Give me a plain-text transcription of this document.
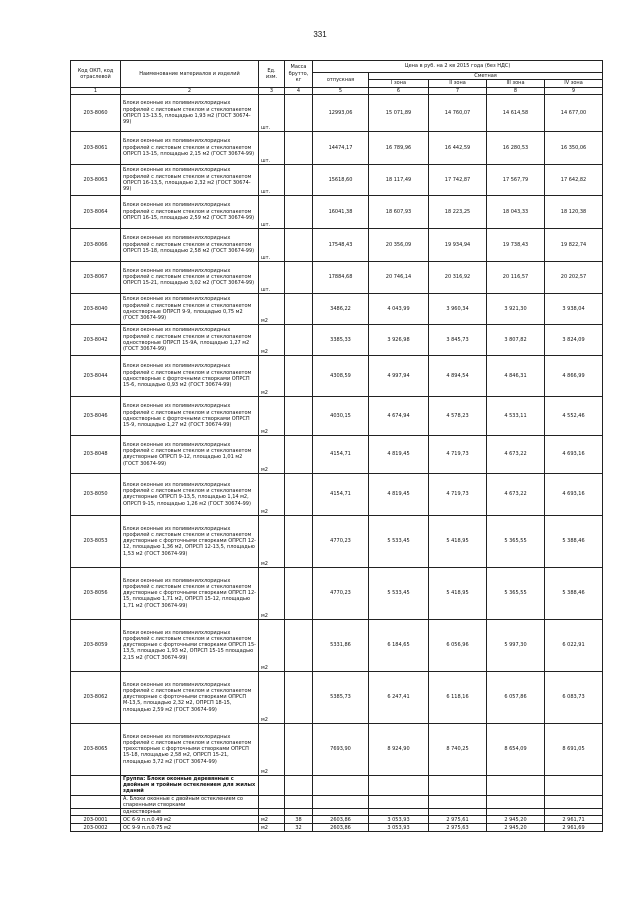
331
Код ОКП, код отраслевой	Наименование материалов и изделий	Ед. изм.	Масса брутто, кг	Цена в руб. на 2 кв 2015 года (без НДС)				
				отпускная	Сметная			
					I зона	II зона	III зона	IV зона
1	2	3	4	5	6	7	8	9
203-8060	Блоки оконные из поливинилхлоридных профилей с листовым стеклом и стеклопакетом ОПРСП 13-13.5, площадью 1,93 м2 (ГОСТ 30674-99)	шт.		12993,06	15 071,89	14 760,07	14 614,58	14 677,00
203-8061	Блоки оконные из поливинилхлоридных профилей с листовым стеклом и стеклопакетом ОПРСП 13-15, площадью 2,15 м2 (ГОСТ 30674-99)	шт.		14474,17	16 789,96	16 442,59	16 280,53	16 350,06
203-8063	Блоки оконные из поливинилхлоридных профилей с листовым стеклом и стеклопакетом ОПРСП 16-13,5, площадью 2,32 м2 (ГОСТ 30674-99)	шт.		15618,60	18 117,49	17 742,87	17 567,79	17 642,82
203-8064	Блоки оконные из поливинилхлоридных профилей с листовым стеклом и стеклопакетом ОПРСП 16-15, площадью 2,59 м2 (ГОСТ 30674-99)	шт.		16041,38	18 607,93	18 223,25	18 043,33	18 120,38
203-8066	Блоки оконные из поливинилхлоридных профилей с листовым стеклом и стеклопакетом ОПРСП 15-18, площадью 2,58 м2 (ГОСТ 30674-99)	шт.		17548,43	20 356,09	19 934,94	19 738,43	19 822,74
203-8067	Блоки оконные из поливинилхлоридных профилей с листовым стеклом и стеклопакетом ОПРСП 15-21, площадью 3,02 м2 (ГОСТ 30674-99)	шт.		17884,68	20 746,14	20 316,92	20 116,57	20 202,57
203-8040	Блоки оконные из поливинилхлоридных профилей с листовым стеклом и стеклопакетом одностворные ОПРСП 9-9, площадью 0,75 м2 (ГОСТ 30674-99)	м2		3486,22	4 043,99	3 960,34	3 921,30	3 938,04
203-8042	Блоки оконные из поливинилхлоридных профилей с листовым стеклом и стеклопакетом одностворные ОПРСП 15-9А, площадью 1,27 м2 (ГОСТ 30674-99)	м2		3385,33	3 926,98	3 845,73	3 807,82	3 824,09
203-8044	Блоки оконные из поливинилхлоридных профилей с листовым стеклом и стеклопакетом одностворные с форточными створками ОПРСП 15-6, площадью 0,93 м2 (ГОСТ 30674-99)	м2		4308,59	4 997,94	4 894,54	4 846,31	4 866,99
203-8046	Блоки оконные из поливинилхлоридных профилей с листовым стеклом и стеклопакетом одностворные с форточными створками ОПРСП 15-9, площадью 1,27 м2 (ГОСТ 30674-99)	м2		4030,15	4 674,94	4 578,23	4 533,11	4 552,46
203-8048	Блоки оконные из поливинилхлоридных профилей с листовым стеклом и стеклопакетом двустворные ОПРСП 9-12, площадью 1,01 м2 (ГОСТ 30674-99)	м2		4154,71	4 819,45	4 719,73	4 673,22	4 693,16
203-8050	Блоки оконные из поливинилхлоридных профилей с листовым стеклом и стеклопакетом двустворные ОПРСП 9-13,5, площадью 1,14 м2, ОПРСП 9-15, площадью 1,26 м2 (ГОСТ 30674-99)	м2		4154,71	4 819,45	4 719,73	4 673,22	4 693,16
203-8053	Блоки оконные из поливинилхлоридных профилей с листовым стеклом и стеклопакетом двустворные с форточными створками ОПРСП 12-12, площадью 1,36 м2, ОПРСП 12-13,5, площадью 1,53 м2 (ГОСТ 30674-99)	м2		4770,23	5 533,45	5 418,95	5 365,55	5 388,46
203-8056	Блоки оконные из поливинилхлоридных профилей с листовым стеклом и стеклопакетом двустворные с форточными створками ОПРСП 12-15, площадью 1,71 м2, ОПРСП 15-12, площадью 1,71 м2 (ГОСТ 30674-99)	м2		4770,23	5 533,45	5 418,95	5 365,55	5 388,46
203-8059	Блоки оконные из поливинилхлоридных профилей с листовым стеклом и стеклопакетом двустворные с форточными створками ОПРСП 15-13,5, площадью 1,93 м2, ОПРСП 15-15 площадью 2,15 м2 (ГОСТ 30674-99)	м2		5331,86	6 184,65	6 056,96	5 997,30	6 022,91
203-8062	Блоки оконные из поливинилхлоридных профилей с листовым стеклом и стеклопакетом двустворные с форточными створками ОПРСП М-13,5, площадью 2,32 м2, ОПРСП 18-15, площадью 2,59 м2 (ГОСТ 30674-99)	м2		5385,73	6 247,41	6 118,16	6 057,86	6 083,73
203-8065	Блоки оконные из поливинилхлоридных профилей с листовым стеклом и стеклопакетом трехстворные с форточными створками ОПРСП 15-18, площадью 2,58 м2, ОПРСП 15-21, площадью 3,72 м2 (ГОСТ 30674-99)	м2		7693,90	8 924,90	8 740,25	8 654,09	8 691,05
	Группа: Блоки оконные деревянные с двойным и тройным остеклением для жилых зданий							
	А. Блоки оконные с двойным остеклением со спаренными створками							
	одностворные							
203-0001	ОС 6-9 п.л.0.49 м2	м2	38	2603,86	3 053,93	2 975,61	2 945,20	2 961,71
203-0002	ОС 9-9 п.л.0.75 м2	м2	32	2603,86	3 053,93	2 975,63	2 945,20	2 961,69
